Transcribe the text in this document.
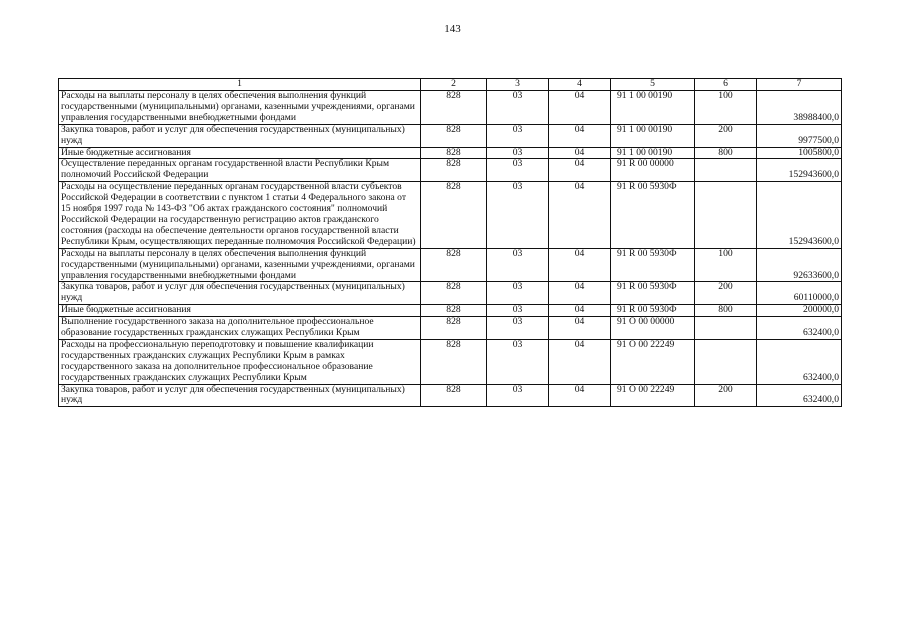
143
1	2	3	4	5	6	7
Расходы на выплаты персоналу в целях обеспечения выполнения функций государственными (муниципальными) органами, казенными учреждениями, органами управления государственными внебюджетными фондами	828	03	04	91 1 00 00190	100	38988400,0
Закупка товаров, работ и услуг для обеспечения государственных (муниципальных) нужд	828	03	04	91 1 00 00190	200	9977500,0
Иные бюджетные ассигнования	828	03	04	91 1 00 00190	800	1005800,0
Осуществление переданных органам государственной власти Республики Крым полномочий Российской Федерации	828	03	04	91 R 00 00000		152943600,0
Расходы на осуществление переданных органам государственной власти субъектов Российской Федерации в соответствии с пунктом 1 статьи 4 Федерального закона от 15 ноября 1997 года № 143-ФЗ "Об актах гражданского состояния" полномочий Российской Федерации на государственную регистрацию актов гражданского состояния (расходы на обеспечение деятельности органов государственной власти Республики Крым, осуществляющих переданные полномочия Российской Федерации)	828	03	04	91 R 00 5930Ф		152943600,0
Расходы на выплаты персоналу в целях обеспечения выполнения функций государственными (муниципальными) органами, казенными учреждениями, органами управления государственными внебюджетными фондами	828	03	04	91 R 00 5930Ф	100	92633600,0
Закупка товаров, работ и услуг для обеспечения государственных (муниципальных) нужд	828	03	04	91 R 00 5930Ф	200	60110000,0
Иные бюджетные ассигнования	828	03	04	91 R 00 5930Ф	800	200000,0
Выполнение государственного заказа на дополнительное профессиональное образование государственных гражданских служащих Республики Крым	828	03	04	91 О 00 00000		632400,0
Расходы на профессиональную переподготовку и повышение квалификации государственных гражданских служащих Республики Крым в рамках государственного заказа на дополнительное профессиональное образование государственных гражданских служащих Республики Крым	828	03	04	91 О 00 22249		632400,0
Закупка товаров, работ и услуг для обеспечения государственных (муниципальных) нужд	828	03	04	91 О 00 22249	200	632400,0
